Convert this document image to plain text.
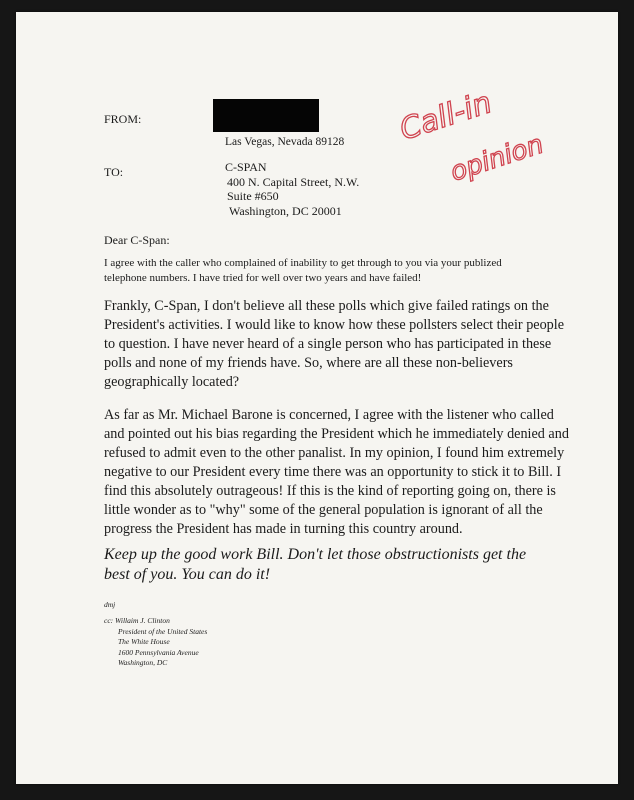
FROM:
Las Vegas, Nevada 89128
TO:	C-SPAN
400 N. Capital Street, N.W.
Suite #650
Washington, DC 20001
Call-in
opinion
Dear C-Span:
I agree with the caller who complained of inability to get through to you via your publized telephone numbers. I have tried for well over two years and have failed!
Frankly, C-Span, I don't believe all these polls which give failed ratings on the President's activities. I would like to know how these pollsters select their people to question. I have never heard of a single person who has participated in these polls and none of my friends have. So, where are all these non-believers geographically located?
As far as Mr. Michael Barone is concerned, I agree with the listener who called and pointed out his bias regarding the President which he immediately denied and refused to admit even to the other panalist. In my opinion, I found him extremely negative to our President every time there was an opportunity to stick it to Bill. I find this absolutely outrageous! If this is the kind of reporting going on, there is little wonder as to "why" some of the general population is ignorant of all the progress the President has made in turning this country around.
Keep up the good work Bill. Don't let those obstructionists get the best of you. You can do it!
dmj
cc: Willaim J. Clinton
President of the United States
The White House
1600 Pennsylvania Avenue
Washington, DC
